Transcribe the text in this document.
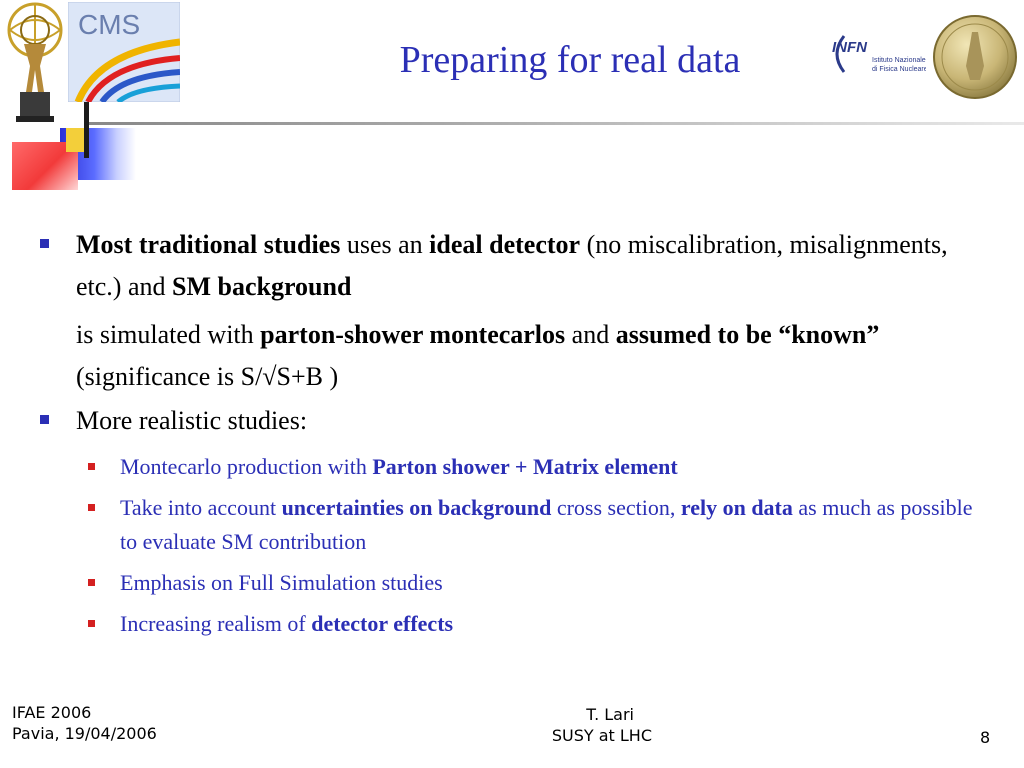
CMS
INFN
Istituto Nazionale
di Fisica Nucleare
Preparing for real data
Most traditional studies uses an ideal detector (no miscalibration, misalignments, etc.) and SM background
is simulated with parton-shower montecarlos and assumed to be “known” (significance is S/√S+B )
More realistic studies:
Montecarlo production with Parton shower + Matrix element
Take into account uncertainties on background cross section, rely on data as much as possible to evaluate SM contribution
Emphasis on Full Simulation studies
Increasing realism of detector effects
IFAE 2006
Pavia, 19/04/2006
T. Lari
SUSY at LHC	8
